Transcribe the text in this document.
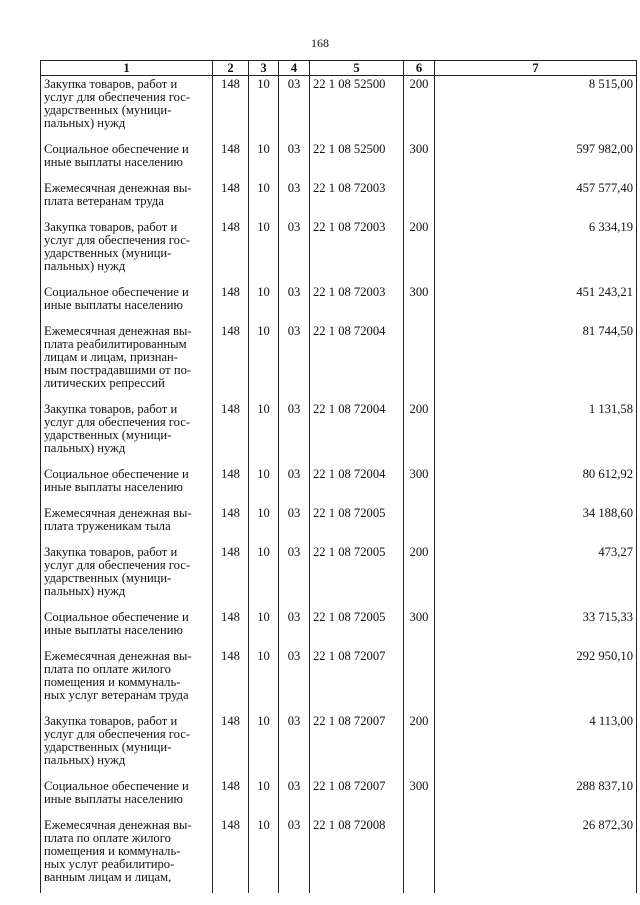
168
1	2	3	4	5	6	7

Закупка товаров, работ и
услуг для обеспечения гос-
ударственных (муници-
пальных) нужд	148	10	03	22 1 08 52500	200	8 515,00

Социальное обеспечение и
иные выплаты населению	148	10	03	22 1 08 52500	300	597 982,00

Ежемесячная денежная вы-
плата ветеранам труда	148	10	03	22 1 08 72003		457 577,40

Закупка товаров, работ и
услуг для обеспечения гос-
ударственных (муници-
пальных) нужд	148	10	03	22 1 08 72003	200	6 334,19

Социальное обеспечение и
иные выплаты населению	148	10	03	22 1 08 72003	300	451 243,21

Ежемесячная денежная вы-
плата реабилитированным
лицам и лицам, признан-
ным пострадавшими от по-
литических репрессий	148	10	03	22 1 08 72004		81 744,50

Закупка товаров, работ и
услуг для обеспечения гос-
ударственных (муници-
пальных) нужд	148	10	03	22 1 08 72004	200	1 131,58

Социальное обеспечение и
иные выплаты населению	148	10	03	22 1 08 72004	300	80 612,92

Ежемесячная денежная вы-
плата труженикам тыла	148	10	03	22 1 08 72005		34 188,60

Закупка товаров, работ и
услуг для обеспечения гос-
ударственных (муници-
пальных) нужд	148	10	03	22 1 08 72005	200	473,27

Социальное обеспечение и
иные выплаты населению	148	10	03	22 1 08 72005	300	33 715,33

Ежемесячная денежная вы-
плата по оплате жилого
помещения и коммуналь-
ных услуг ветеранам труда	148	10	03	22 1 08 72007		292 950,10

Закупка товаров, работ и
услуг для обеспечения гос-
ударственных (муници-
пальных) нужд	148	10	03	22 1 08 72007	200	4 113,00

Социальное обеспечение и
иные выплаты населению	148	10	03	22 1 08 72007	300	288 837,10

Ежемесячная денежная вы-
плата по оплате жилого
помещения и коммуналь-
ных услуг реабилитиро-
ванным лицам и лицам,	148	10	03	22 1 08 72008		26 872,30
